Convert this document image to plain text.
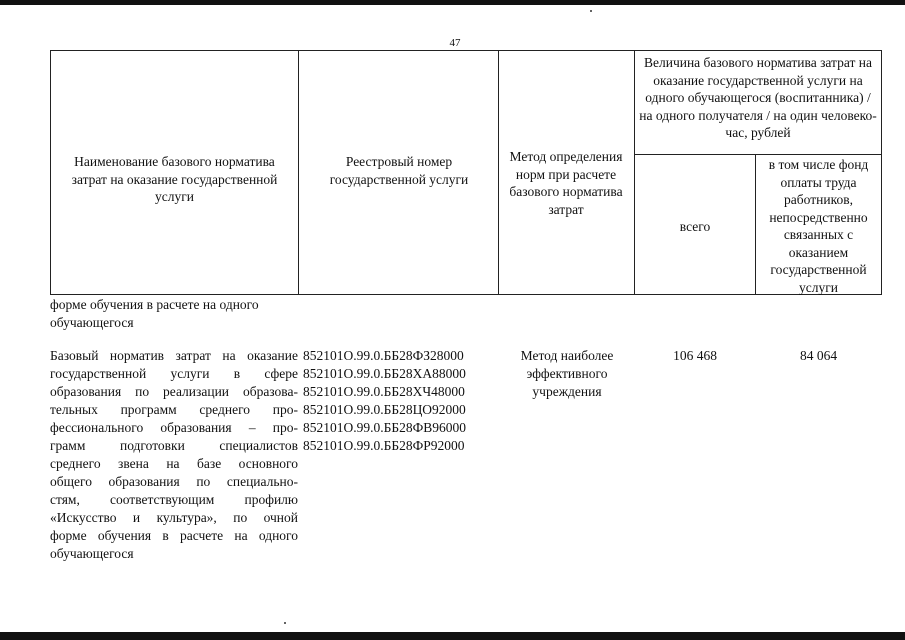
47
Наименование базового норматива затрат на оказание государственной услуги
Реестровый номер государственной услуги
Метод определения норм при расчете базового норматива затрат
Величина базового норматива затрат на оказание государственной услуги на одного обучающегося (воспитанника) / на одного получателя / на один человеко-час, рублей
всего
в том числе фонд оплаты труда работников, непосредственно связанных с оказанием государственной услуги
форме обучения в расчете на одного
обучающегося
Базовый норматив затрат на оказание
государственной услуги в сфере
образования по реализации образова-
тельных программ среднего про-
фессионального образования – про-
грамм подготовки специалистов
среднего звена на базе основного
общего образования по специально-
стям, соответствующим профилю
«Искусство и культура», по очной
форме обучения в расчете на одного
обучающегося
852101О.99.0.ББ28ФЗ28000
852101О.99.0.ББ28ХА88000
852101О.99.0.ББ28ХЧ48000
852101О.99.0.ББ28ЦО92000
852101О.99.0.ББ28ФВ96000
852101О.99.0.ББ28ФР92000
Метод наиболее эффективного учреждения
106 468	84 064
